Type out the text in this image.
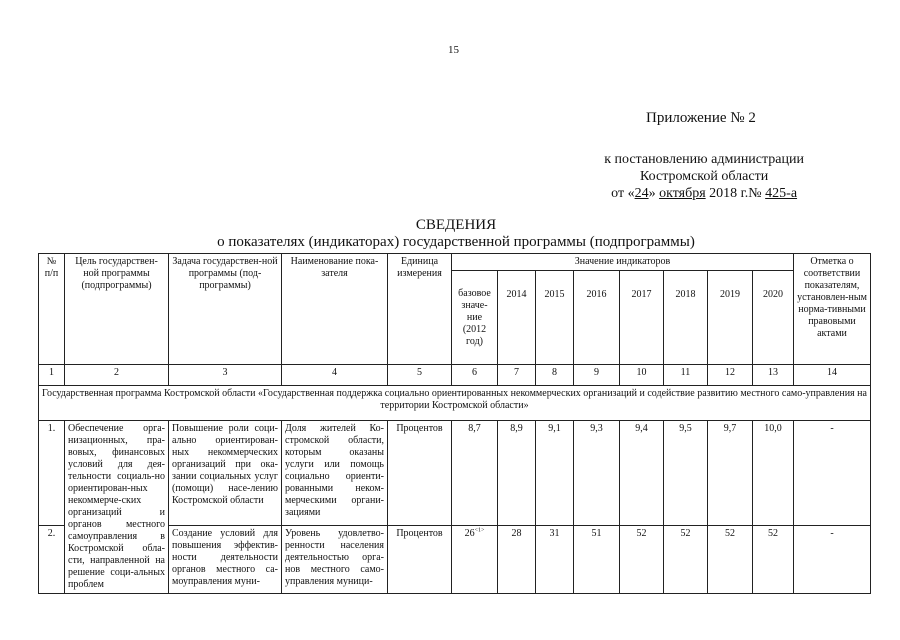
15
Приложение № 2
к постановлению администрации
Костромской области
от «24» октября 2018 г.№ 425-а
СВЕДЕНИЯ
о показателях (индикаторах) государственной программы (подпрограммы)
№ п/п	Цель государствен-ной программы (подпрограммы)	Задача государствен-ной программы (под-программы)	Наименование пока-зателя	Единица измерения	Значение индикаторов								Отметка о соответствии показателям, установлен-ным норма-тивными правовыми актами
					базовое значе-ние (2012 год)	2014	2015	2016	2017	2018	2019	2020	
1	2	3	4	5	6	7	8	9	10	11	12	13	14
Государственная программа Костромской области «Государственная поддержка социально ориентированных некоммерческих организаций и содействие развитию местного само-управления на территории Костромской области»													
1.	Обеспечение орга-низационных, пра-вовых, финансовых условий для дея-тельности социаль-но ориентирован-ных некоммерче-ских организаций и органов местного самоуправления в Костромской обла-сти, направленной на решение соци-альных проблем	Повышение роли соци-ально ориентирован-ных некоммерческих организаций при ока-зании социальных услуг (помощи) насе-лению Костромской области	Доля жителей Ко-стромской области, которым оказаны услуги или помощь социально ориенти-рованными неком-мерческими органи-зациями	Процентов	8,7	8,9	9,1	9,3	9,4	9,5	9,7	10,0	-
2.		Создание условий для повышения эффектив-ности деятельности органов местного са-моуправления муни-	Уровень удовлетво-ренности населения деятельностью орга-нов местного само-управления муници-	Процентов	$26^{<1>}$	28	31	51	52	52	52	52	-
